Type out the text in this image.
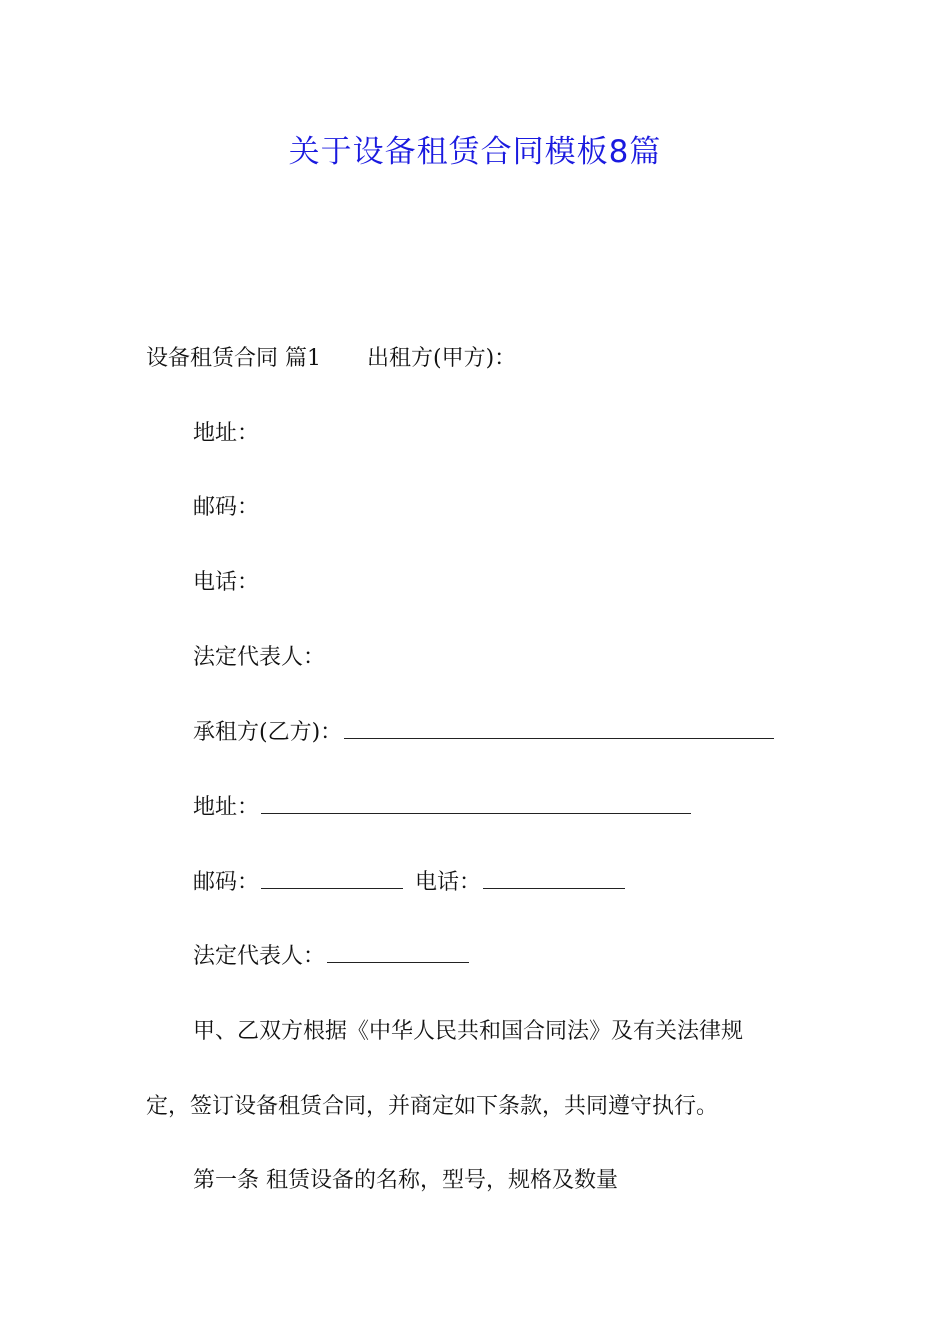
关于设备租赁合同模板8篇
设备租赁合同 篇1 出租方(甲方)：
地址：
邮码：
电话：
法定代表人：
承租方(乙方)：
地址：
邮码：	电话：
法定代表人：
甲、乙双方根据《中华人民共和国合同法》及有关法律规
定，签订设备租赁合同，并商定如下条款，共同遵守执行。
第一条 租赁设备的名称，型号，规格及数量
